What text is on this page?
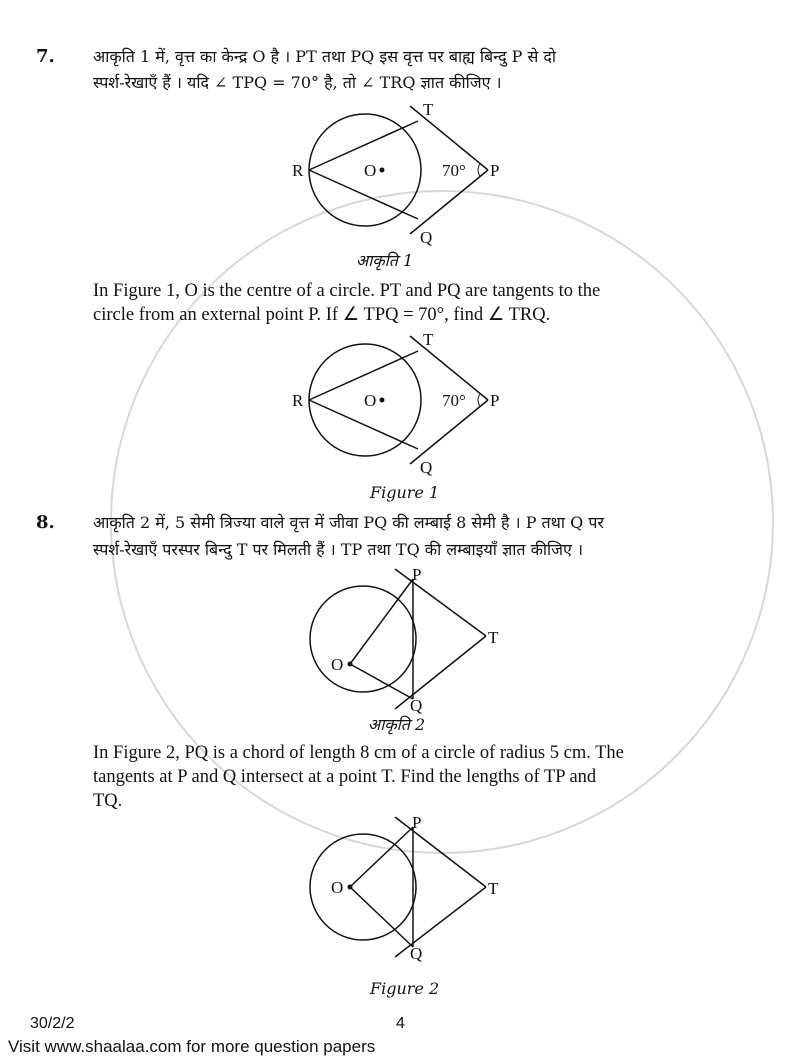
7. आकृति 1 में, वृत्त का केन्द्र O है । PT तथा PQ इस वृत्त पर बाह्य बिन्दु P से दो
स्पर्श-रेखाएँ हैं । यदि ∠ TPQ = 70° है, तो ∠ TRQ ज्ञात कीजिए ।
T
P
Q
R	O	70°
आकृति 1
In Figure 1, O is the centre of a circle. PT and PQ are tangents to the
circle from an external point P. If ∠ TPQ = 70°, find ∠ TRQ.
T
P
Q
R	O	70°
Figure 1
8. आकृति 2 में, 5 सेमी त्रिज्या वाले वृत्त में जीवा PQ की लम्बाई 8 सेमी है । P तथा Q पर
स्पर्श-रेखाएँ परस्पर बिन्दु T पर मिलती हैं । TP तथा TQ की लम्बाइयाँ ज्ञात कीजिए ।
P
Q
T
O
आकृति 2
In Figure 2, PQ is a chord of length 8 cm of a circle of radius 5 cm. The
tangents at P and Q intersect at a point T. Find the lengths of TP and
TQ.
P
Q
T
O
Figure 2
30/2/2	4
Visit www.shaalaa.com for more question papers
